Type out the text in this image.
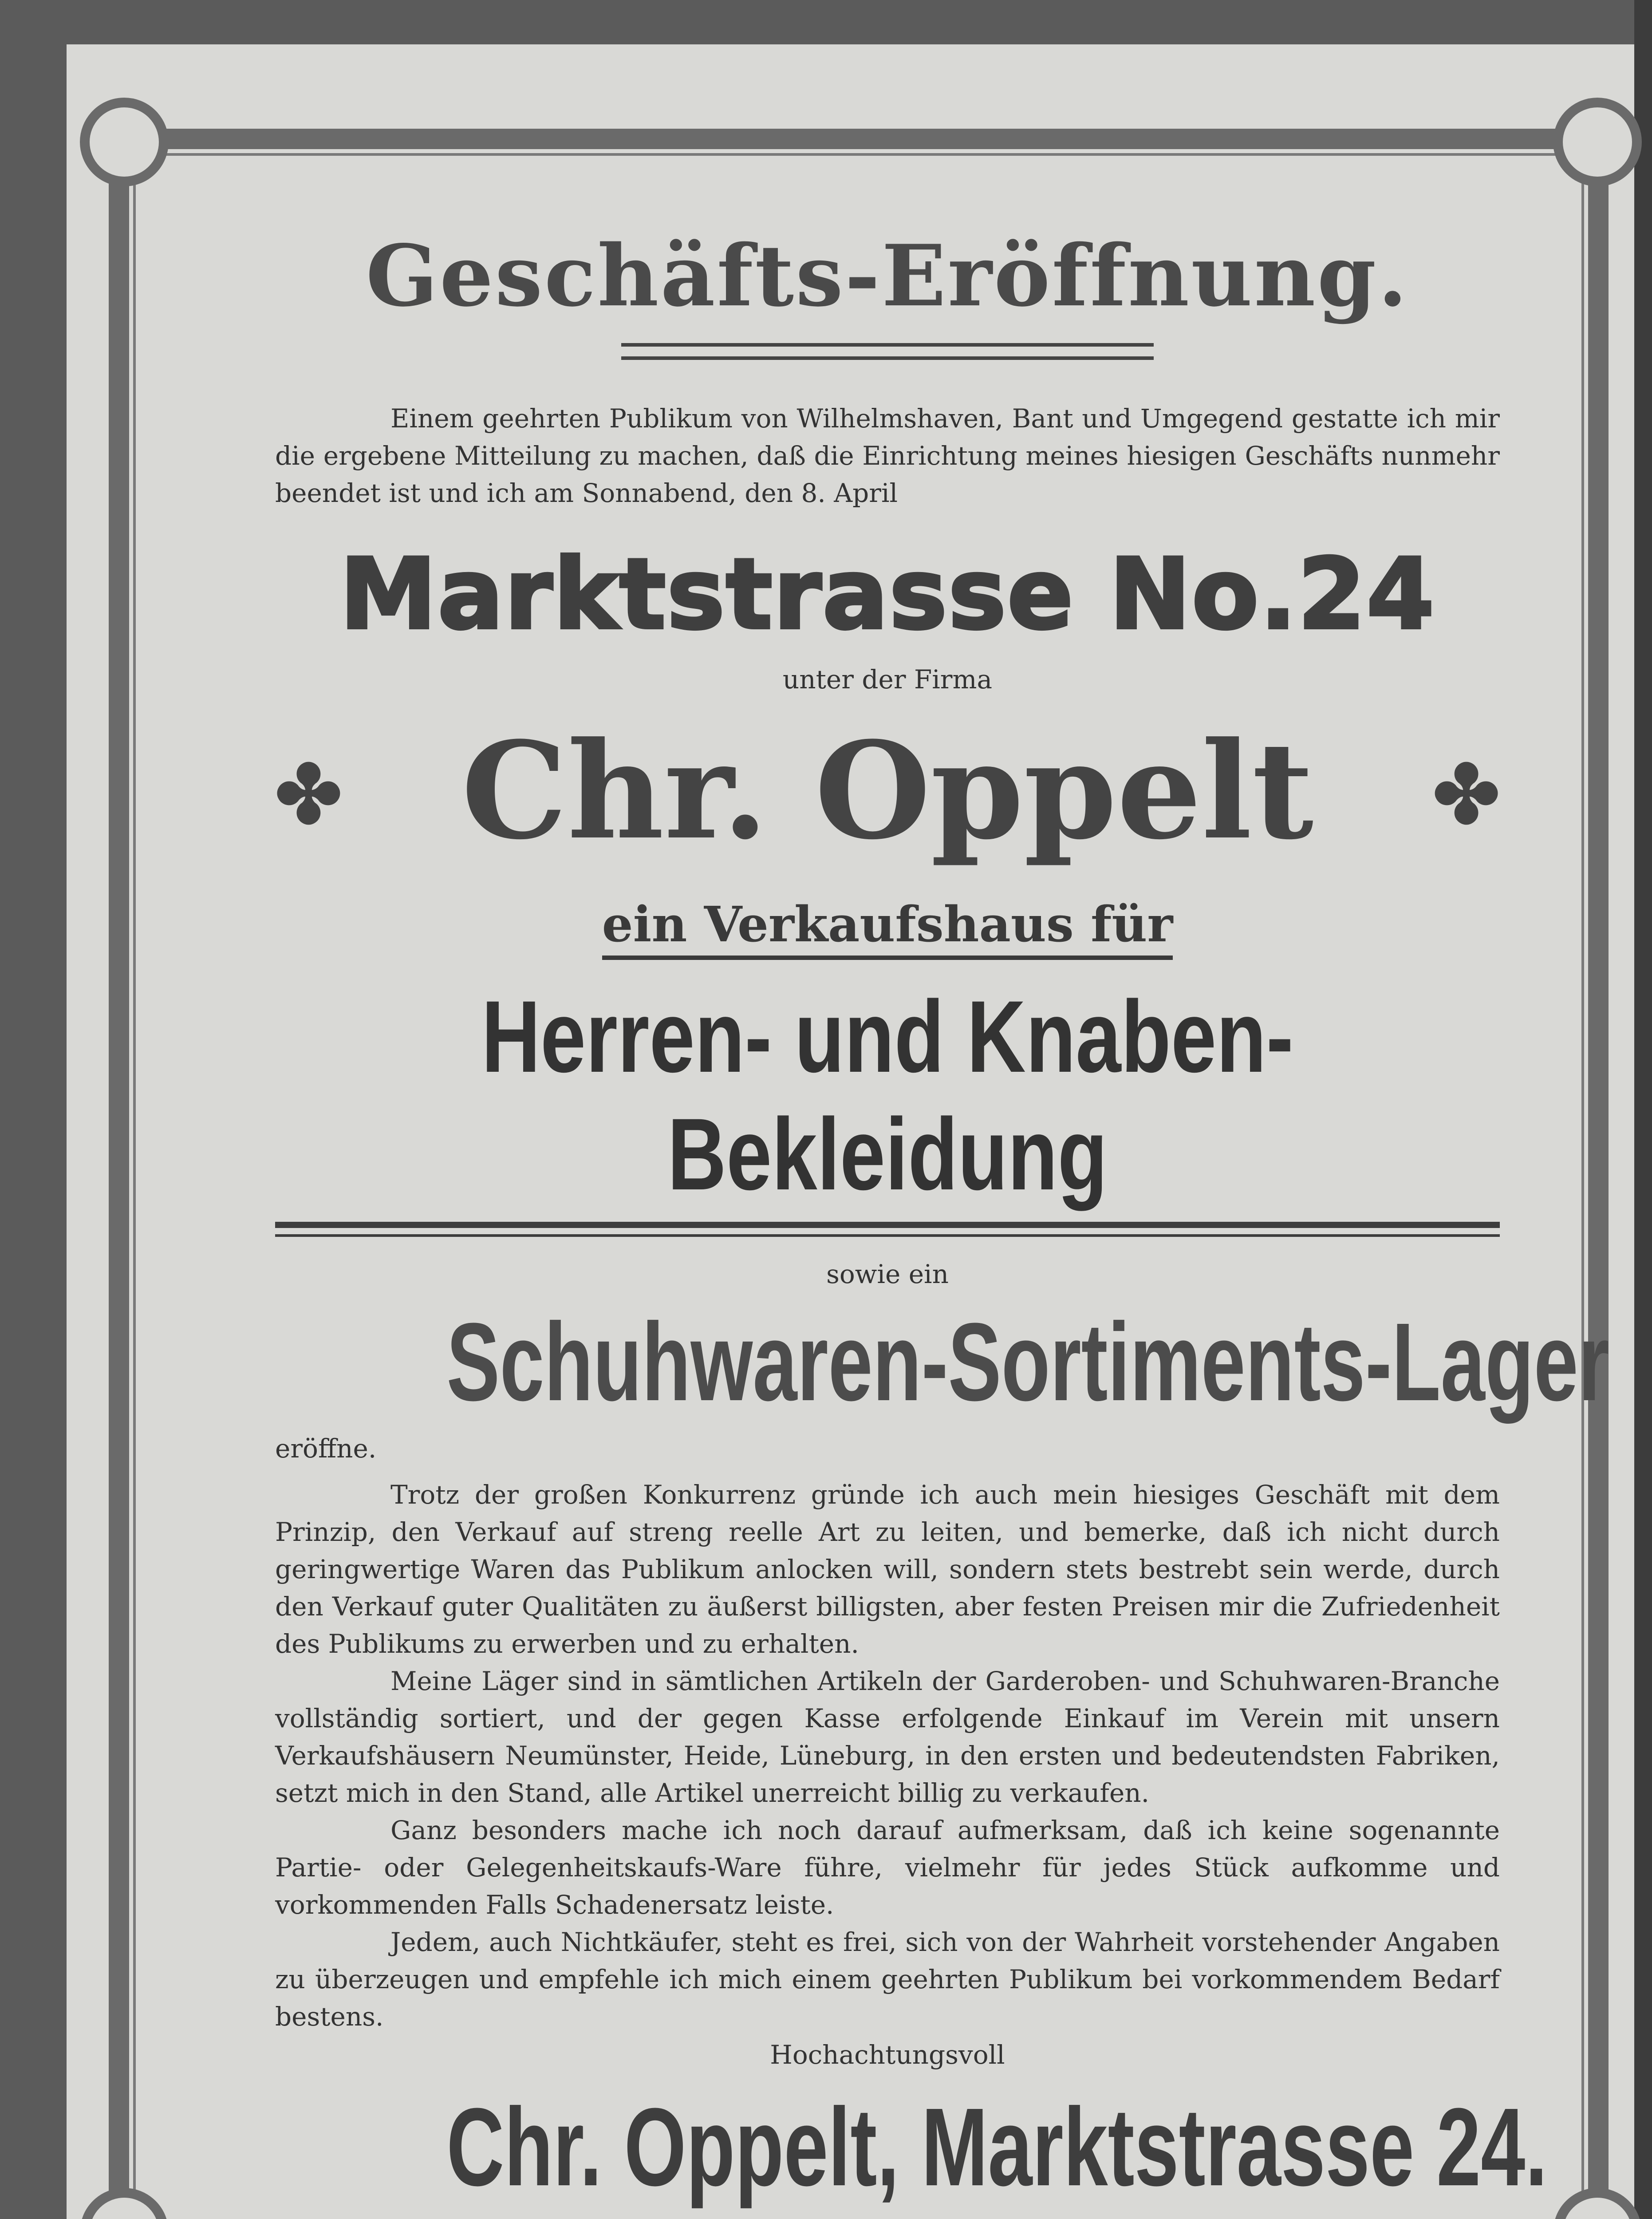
Geschäfts-Eröffnung.

Einem geehrten Publikum von Wilhelmshaven, Bant und Umgegend gestatte ich mir die ergebene Mitteilung zu machen, daß die Einrichtung meines hiesigen Geschäfts nunmehr beendet ist und ich am Sonnabend, den 8. April

Marktstrasse No.24
unter der Firma
✤ Chr. Oppelt ✤
ein Verkaufshaus für
Herren- und Knaben-Bekleidung
sowie ein
Schuhwaren-Sortiments-Lager
eröffne.

Trotz der großen Konkurrenz gründe ich auch mein hiesiges Geschäft mit dem Prinzip, den Verkauf auf streng reelle Art zu leiten, und bemerke, daß ich nicht durch geringwertige Waren das Publikum anlocken will, sondern stets bestrebt sein werde, durch den Verkauf guter Qualitäten zu äußerst billigsten, aber festen Preisen mir die Zufriedenheit des Publikums zu erwerben und zu erhalten.

Meine Läger sind in sämtlichen Artikeln der Garderoben- und Schuhwaren-Branche vollständig sortiert, und der gegen Kasse erfolgende Einkauf im Verein mit unsern Verkaufshäusern Neumünster, Heide, Lüneburg, in den ersten und bedeutendsten Fabriken, setzt mich in den Stand, alle Artikel unerreicht billig zu verkaufen.

Ganz besonders mache ich noch darauf aufmerksam, daß ich keine sogenannte Partie- oder Gelegenheitskaufs-Ware führe, vielmehr für jedes Stück aufkomme und vorkommenden Falls Schadenersatz leiste.

Jedem, auch Nichtkäufer, steht es frei, sich von der Wahrheit vorstehender Angaben zu überzeugen und empfehle ich mich einem geehrten Publikum bei vorkommendem Bedarf bestens.

Hochachtungsvoll
Chr. Oppelt, Marktstrasse 24.
